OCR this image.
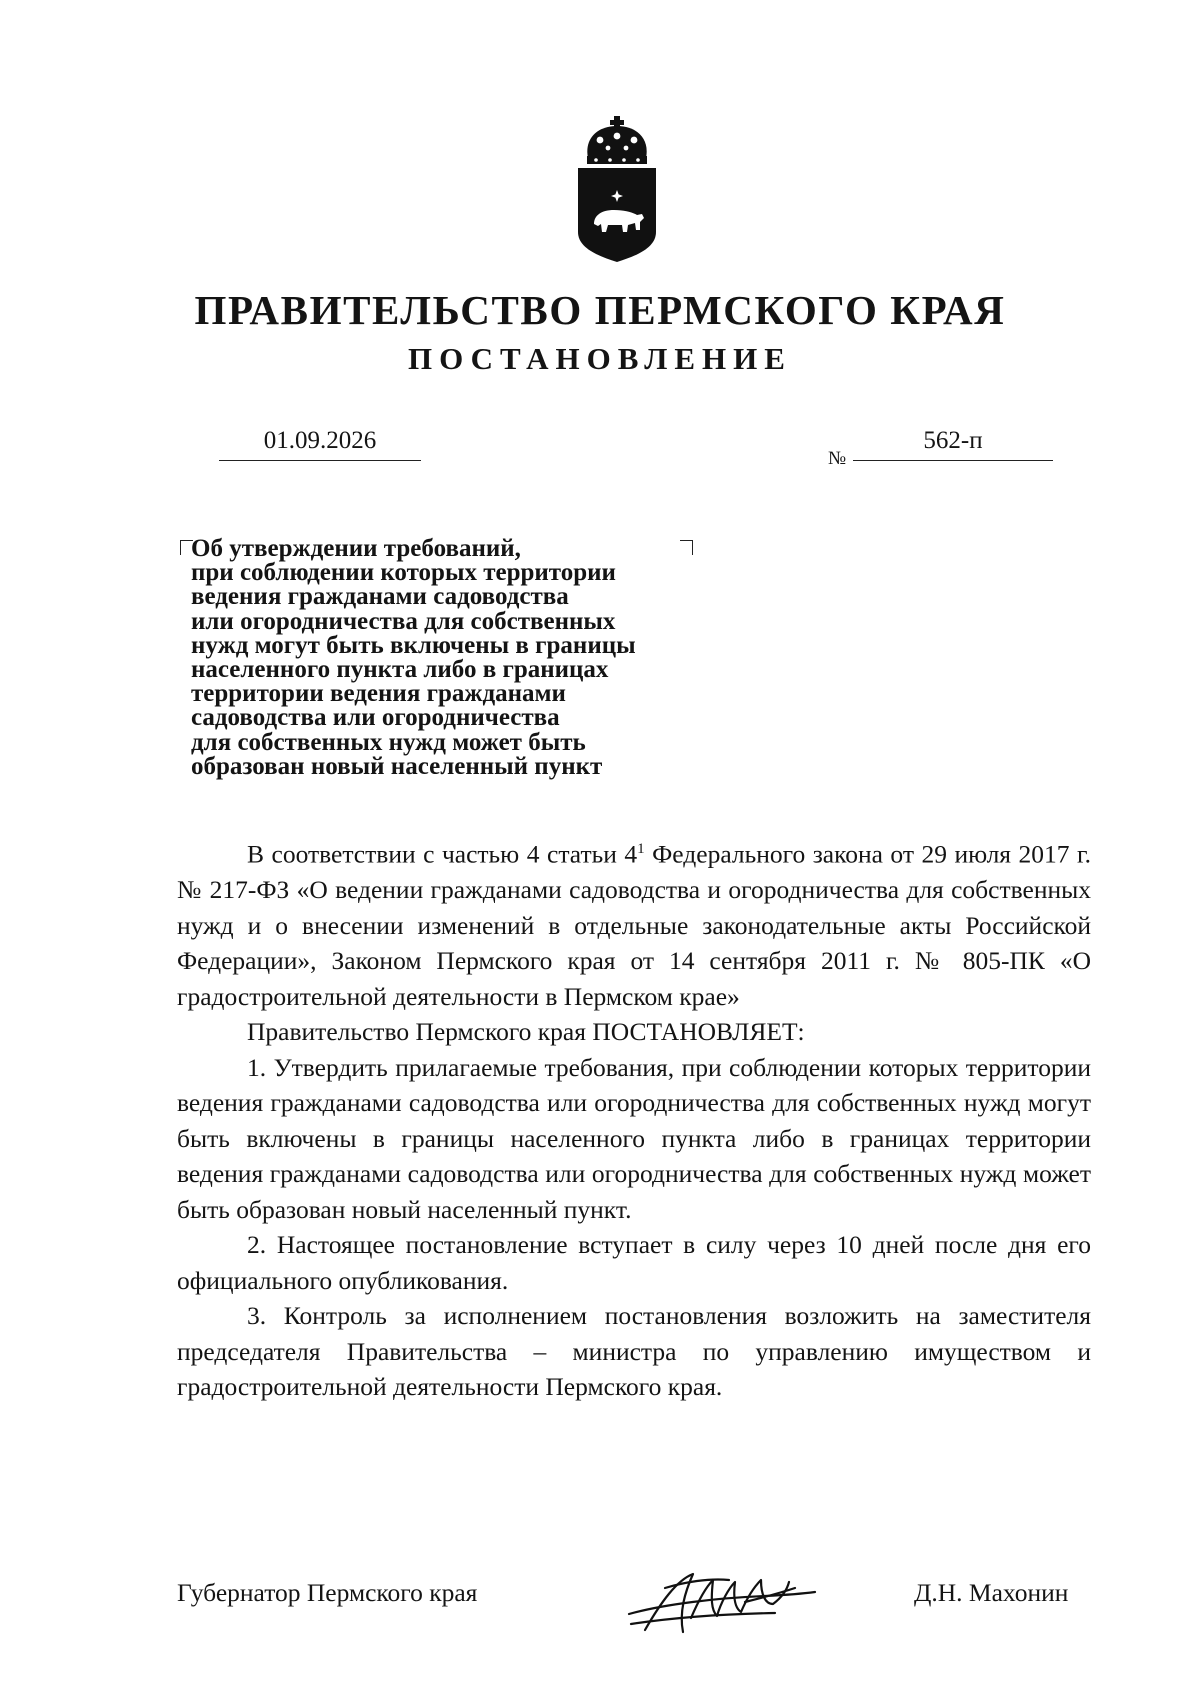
ПРАВИТЕЛЬСТВО ПЕРМСКОГО КРАЯ
ПОСТАНОВЛЕНИЕ
01.09.2026
№
562-п
Об утверждении требований,
при соблюдении которых территории
ведения гражданами садоводства
или огородничества для собственных
нужд могут быть включены в границы
населенного пункта либо в границах
территории ведения гражданами
садоводства или огородничества
для собственных нужд может быть
образован новый населенный пункт

В соответствии с частью 4 статьи $4^1$ Федерального закона от 29 июля 2017 г. № 217-ФЗ «О ведении гражданами садоводства и огородничества для собственных нужд и о внесении изменений в отдельные законодательные акты Российской Федерации», Законом Пермского края от 14 сентября 2011 г. № 805-ПК «О градостроительной деятельности в Пермском крае»

Правительство Пермского края ПОСТАНОВЛЯЕТ:

1. Утвердить прилагаемые требования, при соблюдении которых территории ведения гражданами садоводства или огородничества для собственных нужд могут быть включены в границы населенного пункта либо в границах территории ведения гражданами садоводства или огородничества для собственных нужд может быть образован новый населенный пункт.

2. Настоящее постановление вступает в силу через 10 дней после дня его официального опубликования.

3. Контроль за исполнением постановления возложить на заместителя председателя Правительства – министра по управлению имуществом и градостроительной деятельности Пермского края.

Губернатор Пермского края	Д.Н. Махонин
